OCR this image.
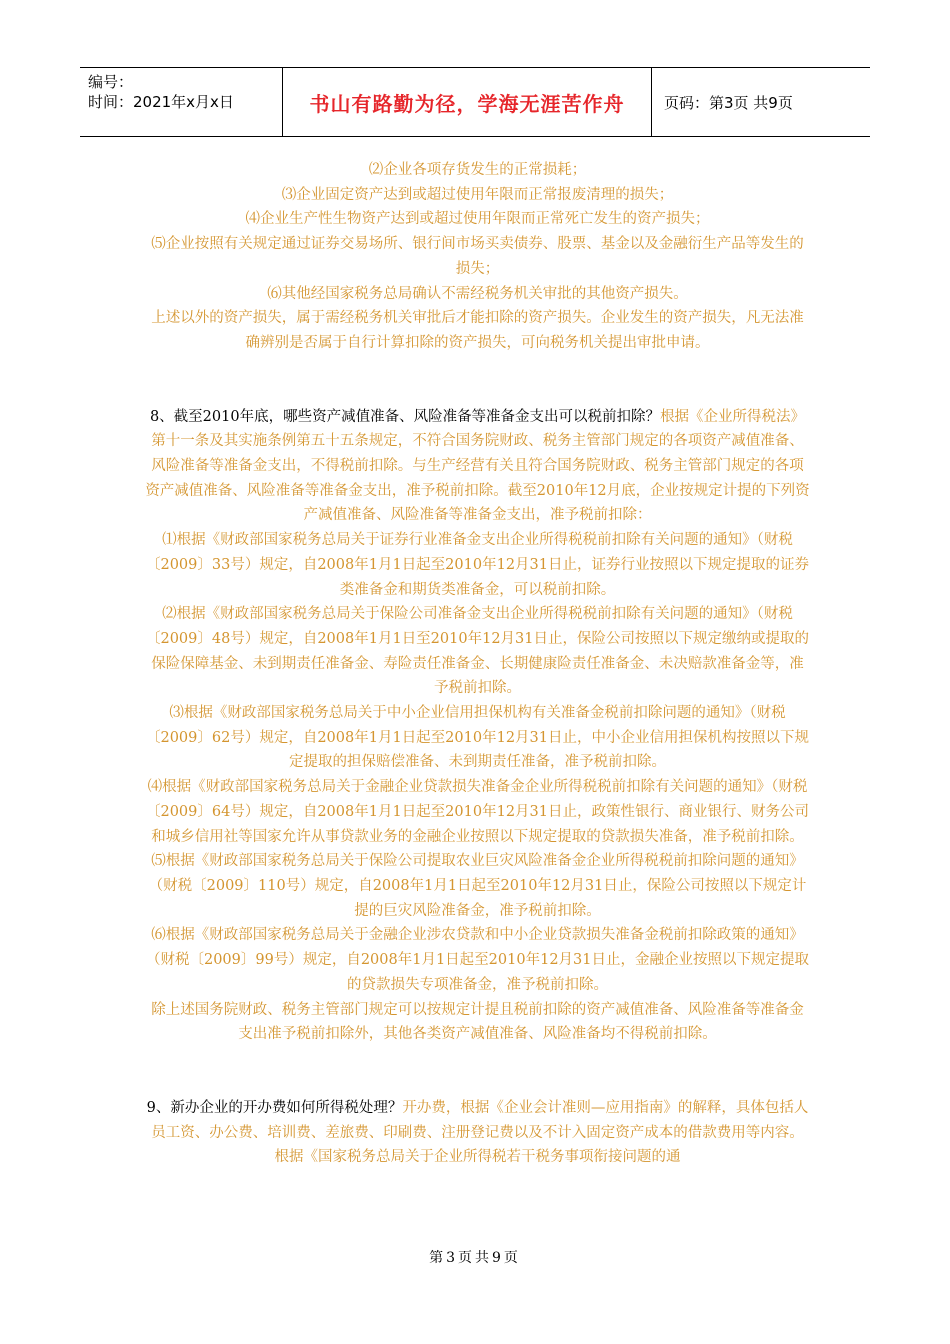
编号：
时间：2021年x月x日	书山有路勤为径，学海无涯苦作舟	页码：第3页 共9页

⑵企业各项存货发生的正常损耗；

⑶企业固定资产达到或超过使用年限而正常报废清理的损失；

⑷企业生产性生物资产达到或超过使用年限而正常死亡发生的资产损失；

⑸企业按照有关规定通过证券交易场所、银行间市场买卖债券、股票、基金以及金融衍生产品等发生的损失；

⑹其他经国家税务总局确认不需经税务机关审批的其他资产损失。

上述以外的资产损失，属于需经税务机关审批后才能扣除的资产损失。企业发生的资产损失，凡无法准确辨别是否属于自行计算扣除的资产损失，可向税务机关提出审批申请。

8、截至2010年底，哪些资产减值准备、风险准备等准备金支出可以税前扣除？根据《企业所得税法》第十一条及其实施条例第五十五条规定，不符合国务院财政、税务主管部门规定的各项资产减值准备、风险准备等准备金支出，不得税前扣除。与生产经营有关且符合国务院财政、税务主管部门规定的各项资产减值准备、风险准备等准备金支出，准予税前扣除。截至2010年12月底，企业按规定计提的下列资产减值准备、风险准备等准备金支出，准予税前扣除：

⑴根据《财政部国家税务总局关于证券行业准备金支出企业所得税税前扣除有关问题的通知》（财税〔2009〕33号）规定，自2008年1月1日起至2010年12月31日止，证券行业按照以下规定提取的证券类准备金和期货类准备金，可以税前扣除。

⑵根据《财政部国家税务总局关于保险公司准备金支出企业所得税税前扣除有关问题的通知》（财税〔2009〕48号）规定，自2008年1月1日至2010年12月31日止，保险公司按照以下规定缴纳或提取的保险保障基金、未到期责任准备金、寿险责任准备金、长期健康险责任准备金、未决赔款准备金等，准予税前扣除。

⑶根据《财政部国家税务总局关于中小企业信用担保机构有关准备金税前扣除问题的通知》（财税〔2009〕62号）规定，自2008年1月1日起至2010年12月31日止，中小企业信用担保机构按照以下规定提取的担保赔偿准备、未到期责任准备，准予税前扣除。

⑷根据《财政部国家税务总局关于金融企业贷款损失准备金企业所得税税前扣除有关问题的通知》（财税〔2009〕64号）规定，自2008年1月1日起至2010年12月31日止，政策性银行、商业银行、财务公司和城乡信用社等国家允许从事贷款业务的金融企业按照以下规定提取的贷款损失准备，准予税前扣除。

⑸根据《财政部国家税务总局关于保险公司提取农业巨灾风险准备金企业所得税税前扣除问题的通知》（财税〔2009〕110号）规定，自2008年1月1日起至2010年12月31日止，保险公司按照以下规定计提的巨灾风险准备金，准予税前扣除。

⑹根据《财政部国家税务总局关于金融企业涉农贷款和中小企业贷款损失准备金税前扣除政策的通知》（财税〔2009〕99号）规定，自2008年1月1日起至2010年12月31日止，金融企业按照以下规定提取的贷款损失专项准备金，准予税前扣除。

除上述国务院财政、税务主管部门规定可以按规定计提且税前扣除的资产减值准备、风险准备等准备金支出准予税前扣除外，其他各类资产减值准备、风险准备均不得税前扣除。

9、新办企业的开办费如何所得税处理？开办费，根据《企业会计准则—应用指南》的解释，具体包括人员工资、办公费、培训费、差旅费、印刷费、注册登记费以及不计入固定资产成本的借款费用等内容。根据《国家税务总局关于企业所得税若干税务事项衔接问题的通

第3页共9页
